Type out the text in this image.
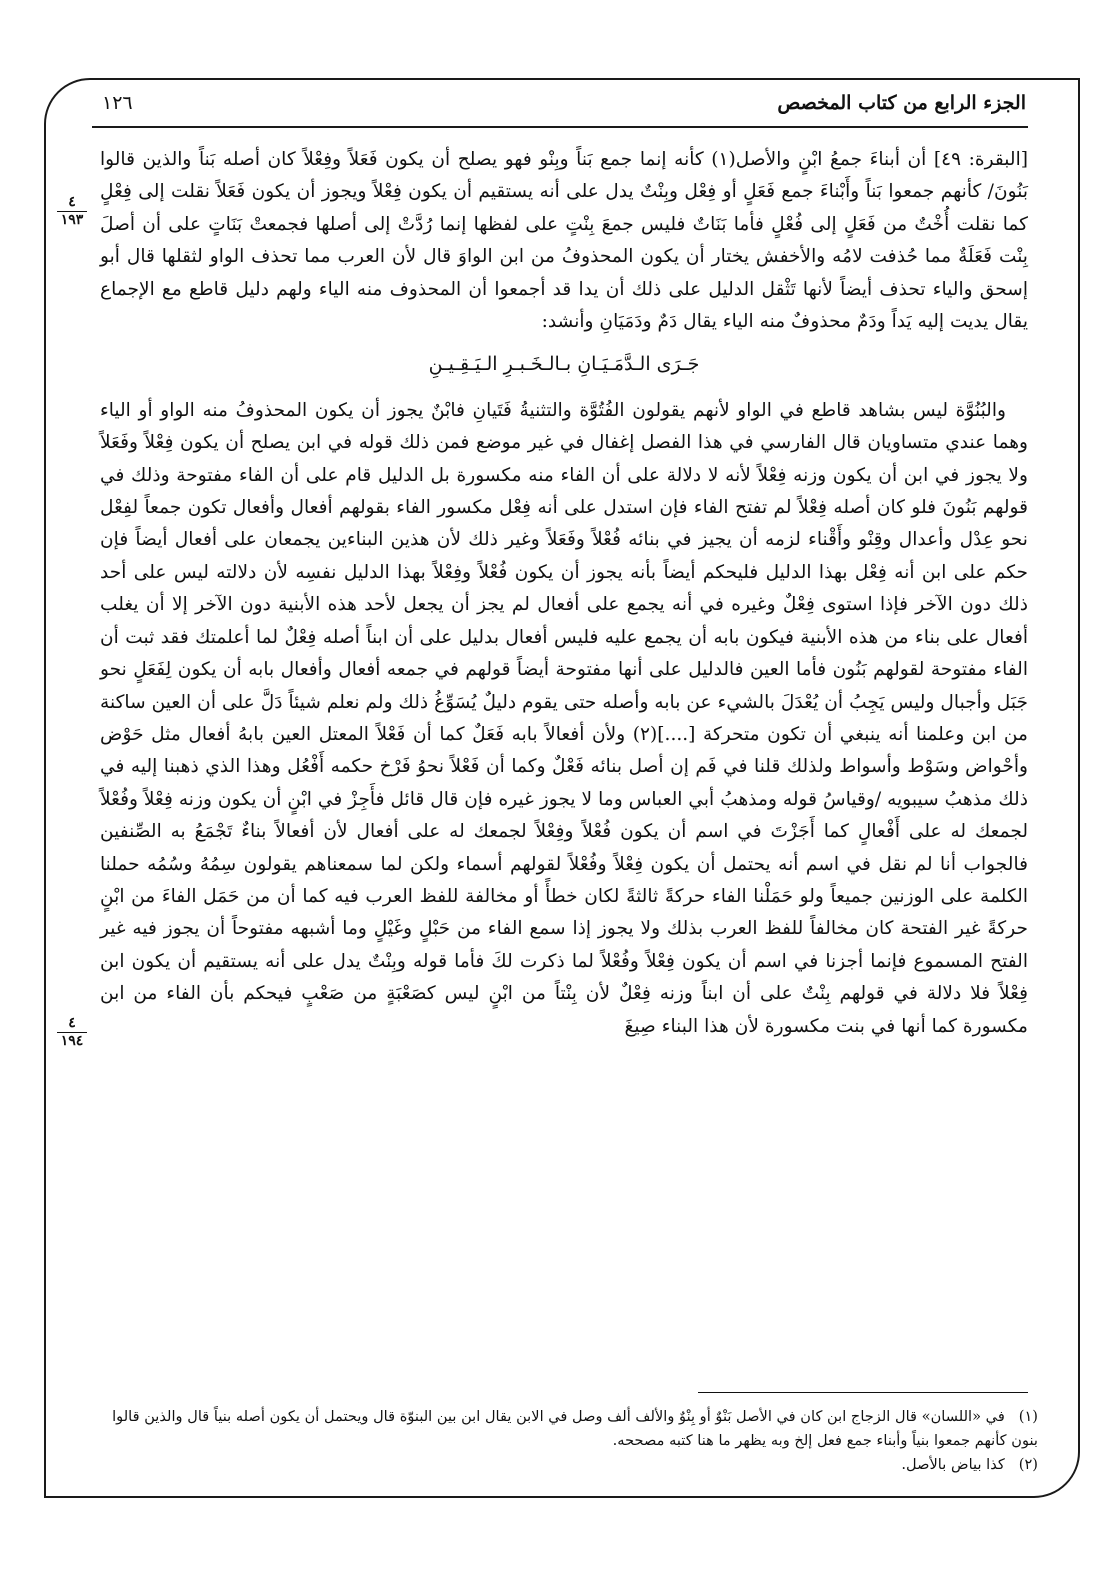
الجزء الرابع من كتاب المخصص
١٢٦
٤
١٩٣
٤
١٩٤

[البقرة: ٤٩] أن أبناءَ جمعُ ابْنٍ والأصل(١) كأنه إنما جمع بَناً وبِنْو فهو يصلح أن يكون فَعَلاً وفِعْلاً كان أصله بَناً والذين قالوا بَنُونَ/ كأنهم جمعوا بَناً وأَبْناءَ جمع فَعَلٍ أو فِعْل وبِنْتٌ يدل على أنه يستقيم أن يكون فِعْلاً ويجوز أن يكون فَعَلاً نقلت إلى فِعْلٍ كما نقلت أُخْتٌ من فَعَلٍ إلى فُعْلٍ فأما بَنَاتٌ فليس جمعَ بِنْتٍ على لفظها إنما رُدَّتْ إلى أصلها فجمعتْ بَنَاتٍ على أن أصلَ بِنْت فَعَلَةٌ مما حُذفت لامُه والأخفش يختار أن يكون المحذوفُ من ابن الواوَ قال لأن العرب مما تحذف الواو لثقلها قال أبو إسحق والياء تحذف أيضاً لأنها تَثْقل الدليل على ذلك أن يدا قد أجمعوا أن المحذوف منه الياء ولهم دليل قاطع مع الإجماع يقال يديت إليه يَداً ودَمٌ محذوفٌ منه الياء يقال دَمٌ ودَمَيَانِ وأنشد:

جَـرَى الـدَّمَـيَـانِ بـالـخَـبـرِ الـيَـقِـيـنِ

والبُنُوَّة ليس بشاهد قاطع في الواو لأنهم يقولون الفُتُوَّة والتثنيةُ فَتَيانِ فابْنٌ يجوز أن يكون المحذوفُ منه الواو أو الياء وهما عندي متساويان قال الفارسي في هذا الفصل إغفال في غير موضع فمن ذلك قوله في ابن يصلح أن يكون فِعْلاً وفَعَلاً ولا يجوز في ابن أن يكون وزنه فِعْلاً لأنه لا دلالة على أن الفاء منه مكسورة بل الدليل قام على أن الفاء مفتوحة وذلك في قولهم بَنُونَ فلو كان أصله فِعْلاً لم تفتح الفاء فإن استدل على أنه فِعْل مكسور الفاء بقولهم أفعال وأفعال تكون جمعاً لفِعْل نحو عِدْل وأعدال وقِنْو وأَقْناء لزمه أن يجيز في بنائه فُعْلاً وفَعَلاً وغير ذلك لأن هذين البناءين يجمعان على أفعال أيضاً فإن حكم على ابن أنه فِعْل بهذا الدليل فليحكم أيضاً بأنه يجوز أن يكون فُعْلاً وفِعْلاً بهذا الدليل نفسِه لأن دلالته ليس على أحد ذلك دون الآخر فإذا استوى فِعْلٌ وغيره في أنه يجمع على أفعال لم يجز أن يجعل لأحد هذه الأبنية دون الآخر إلا أن يغلب أفعال على بناء من هذه الأبنية فيكون بابه أن يجمع عليه فليس أفعال بدليل على أن ابناً أصله فِعْلٌ لما أعلمتك فقد ثبت أن الفاء مفتوحة لقولهم بَنُون فأما العين فالدليل على أنها مفتوحة أيضاً قولهم في جمعه أفعال وأفعال بابه أن يكون لِفَعَلٍ نحو جَبَل وأجبال وليس يَجِبُ أن يُعْدَلَ بالشيء عن بابه وأصله حتى يقوم دليلٌ يُسَوِّغُ ذلك ولم نعلم شيئاً دَلَّ على أن العين ساكنة من ابن وعلمنا أنه ينبغي أن تكون متحركة [....](٢) ولأن أفعالاً بابه فَعَلٌ كما أن فَعْلاً المعتل العين بابهُ أفعال مثل حَوْض وأحْواض وسَوْط وأسواط ولذلك قلنا في فَم إن أصل بنائه فَعْلٌ وكما أن فَعْلاً نحوُ فَرْخ حكمه أَفْعُل وهذا الذي ذهبنا إليه في ذلك مذهبُ سيبويه /وقياسُ قوله ومذهبُ أبي العباس وما لا يجوز غيره فإن قال قائل فأَجِزْ في ابْنٍ أن يكون وزنه فِعْلاً وفُعْلاً لجمعك له على أَفْعالٍ كما أَجَزْتَ في اسم أن يكون فُعْلاً وفِعْلاً لجمعك له على أفعال لأن أفعالاً بناءٌ تَجْمَعُ به الصِّنفين فالجواب أنا لم نقل في اسم أنه يحتمل أن يكون فِعْلاً وفُعْلاً لقولهم أسماء ولكن لما سمعناهم يقولون سِمُهُ وسُمُه حملنا الكلمة على الوزنين جميعاً ولو حَمَلْنا الفاء حركةً ثالثةً لكان خطأً أو مخالفة للفظ العرب فيه كما أن من حَمَل الفاءَ من ابْنٍ حركةً غير الفتحة كان مخالفاً للفظ العرب بذلك ولا يجوز إذا سمع الفاء من حَبْلٍ وغَيْلٍ وما أشبهه مفتوحاً أن يجوز فيه غير الفتح المسموع فإنما أجزنا في اسم أن يكون فِعْلاً وفُعْلاً لما ذكرت لكَ فأما قوله وبِنْتٌ يدل على أنه يستقيم أن يكون ابن فِعْلاً فلا دلالة في قولهم بِنْتٌ على أن ابناً وزنه فِعْلٌ لأن بِنْتاً من ابْنٍ ليس كصَعْبَةٍ من صَعْبٍ فيحكم بأن الفاء من ابن مكسورة كما أنها في بنت مكسورة لأن هذا البناء صِيغَ

(١)   في «اللسان» قال الزجاج ابن كان في الأصل بَنْوٌ أو بِنْوٌ والألف ألف وصل في الابن يقال ابن بين البنوّة قال ويحتمل أن يكون أصله بنياً قال والذين قالوا بنون كأنهم جمعوا بنياً وأبناء جمع فعل إلخ وبه يظهر ما هنا كتبه مصححه.

(٢)   كذا بياض بالأصل.
